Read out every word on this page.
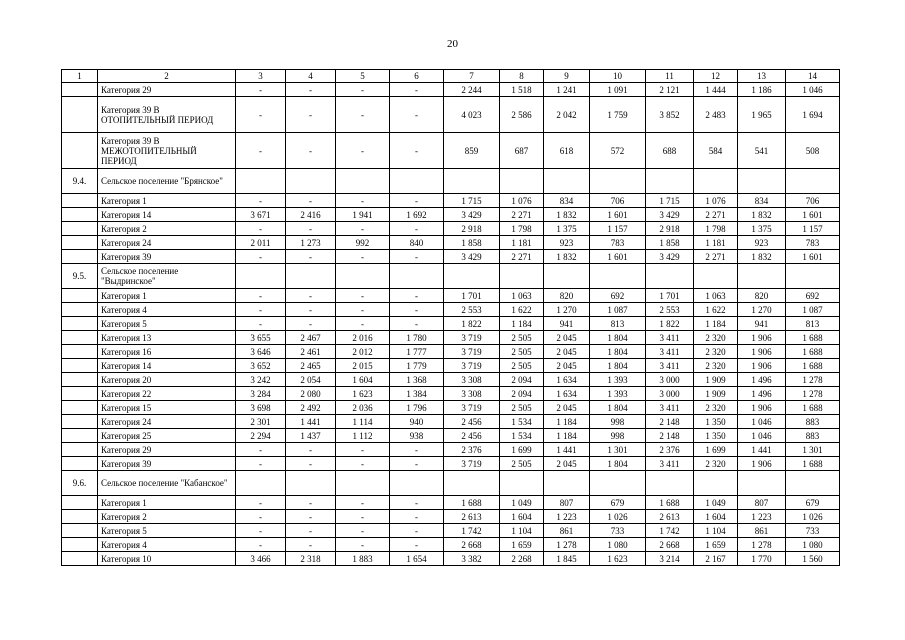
20
1	2	3	4	5	6	7	8	9	10	11	12	13	14
	Категория 29	-	-	-	-	2 244	1 518	1 241	1 091	2 121	1 444	1 186	1 046
	Категория 39 В ОТОПИТЕЛЬНЫЙ ПЕРИОД	-	-	-	-	4 023	2 586	2 042	1 759	3 852	2 483	1 965	1 694
	Категория 39 В МЕЖОТОПИТЕЛЬНЫЙ ПЕРИОД	-	-	-	-	859	687	618	572	688	584	541	508
9.4.	Сельское поселение "Брянское"												
	Категория 1	-	-	-	-	1 715	1 076	834	706	1 715	1 076	834	706
	Категория 14	3 671	2 416	1 941	1 692	3 429	2 271	1 832	1 601	3 429	2 271	1 832	1 601
	Категория 2	-	-	-	-	2 918	1 798	1 375	1 157	2 918	1 798	1 375	1 157
	Категория 24	2 011	1 273	992	840	1 858	1 181	923	783	1 858	1 181	923	783
	Категория 39	-	-	-	-	3 429	2 271	1 832	1 601	3 429	2 271	1 832	1 601
9.5.	Сельское поселение "Выдринское"												
	Категория 1	-	-	-	-	1 701	1 063	820	692	1 701	1 063	820	692
	Категория 4	-	-	-	-	2 553	1 622	1 270	1 087	2 553	1 622	1 270	1 087
	Категория 5	-	-	-	-	1 822	1 184	941	813	1 822	1 184	941	813
	Категория 13	3 655	2 467	2 016	1 780	3 719	2 505	2 045	1 804	3 411	2 320	1 906	1 688
	Категория 16	3 646	2 461	2 012	1 777	3 719	2 505	2 045	1 804	3 411	2 320	1 906	1 688
	Категория 14	3 652	2 465	2 015	1 779	3 719	2 505	2 045	1 804	3 411	2 320	1 906	1 688
	Категория 20	3 242	2 054	1 604	1 368	3 308	2 094	1 634	1 393	3 000	1 909	1 496	1 278
	Категория 22	3 284	2 080	1 623	1 384	3 308	2 094	1 634	1 393	3 000	1 909	1 496	1 278
	Категория 15	3 698	2 492	2 036	1 796	3 719	2 505	2 045	1 804	3 411	2 320	1 906	1 688
	Категория 24	2 301	1 441	1 114	940	2 456	1 534	1 184	998	2 148	1 350	1 046	883
	Категория 25	2 294	1 437	1 112	938	2 456	1 534	1 184	998	2 148	1 350	1 046	883
	Категория 29	-	-	-	-	2 376	1 699	1 441	1 301	2 376	1 699	1 441	1 301
	Категория 39	-	-	-	-	3 719	2 505	2 045	1 804	3 411	2 320	1 906	1 688
9.6.	Сельское поселение "Кабанское"												
	Категория 1	-	-	-	-	1 688	1 049	807	679	1 688	1 049	807	679
	Категория 2	-	-	-	-	2 613	1 604	1 223	1 026	2 613	1 604	1 223	1 026
	Категория 5	-	-	-	-	1 742	1 104	861	733	1 742	1 104	861	733
	Категория 4	-	-	-	-	2 668	1 659	1 278	1 080	2 668	1 659	1 278	1 080
	Категория 10	3 466	2 318	1 883	1 654	3 382	2 268	1 845	1 623	3 214	2 167	1 770	1 560
